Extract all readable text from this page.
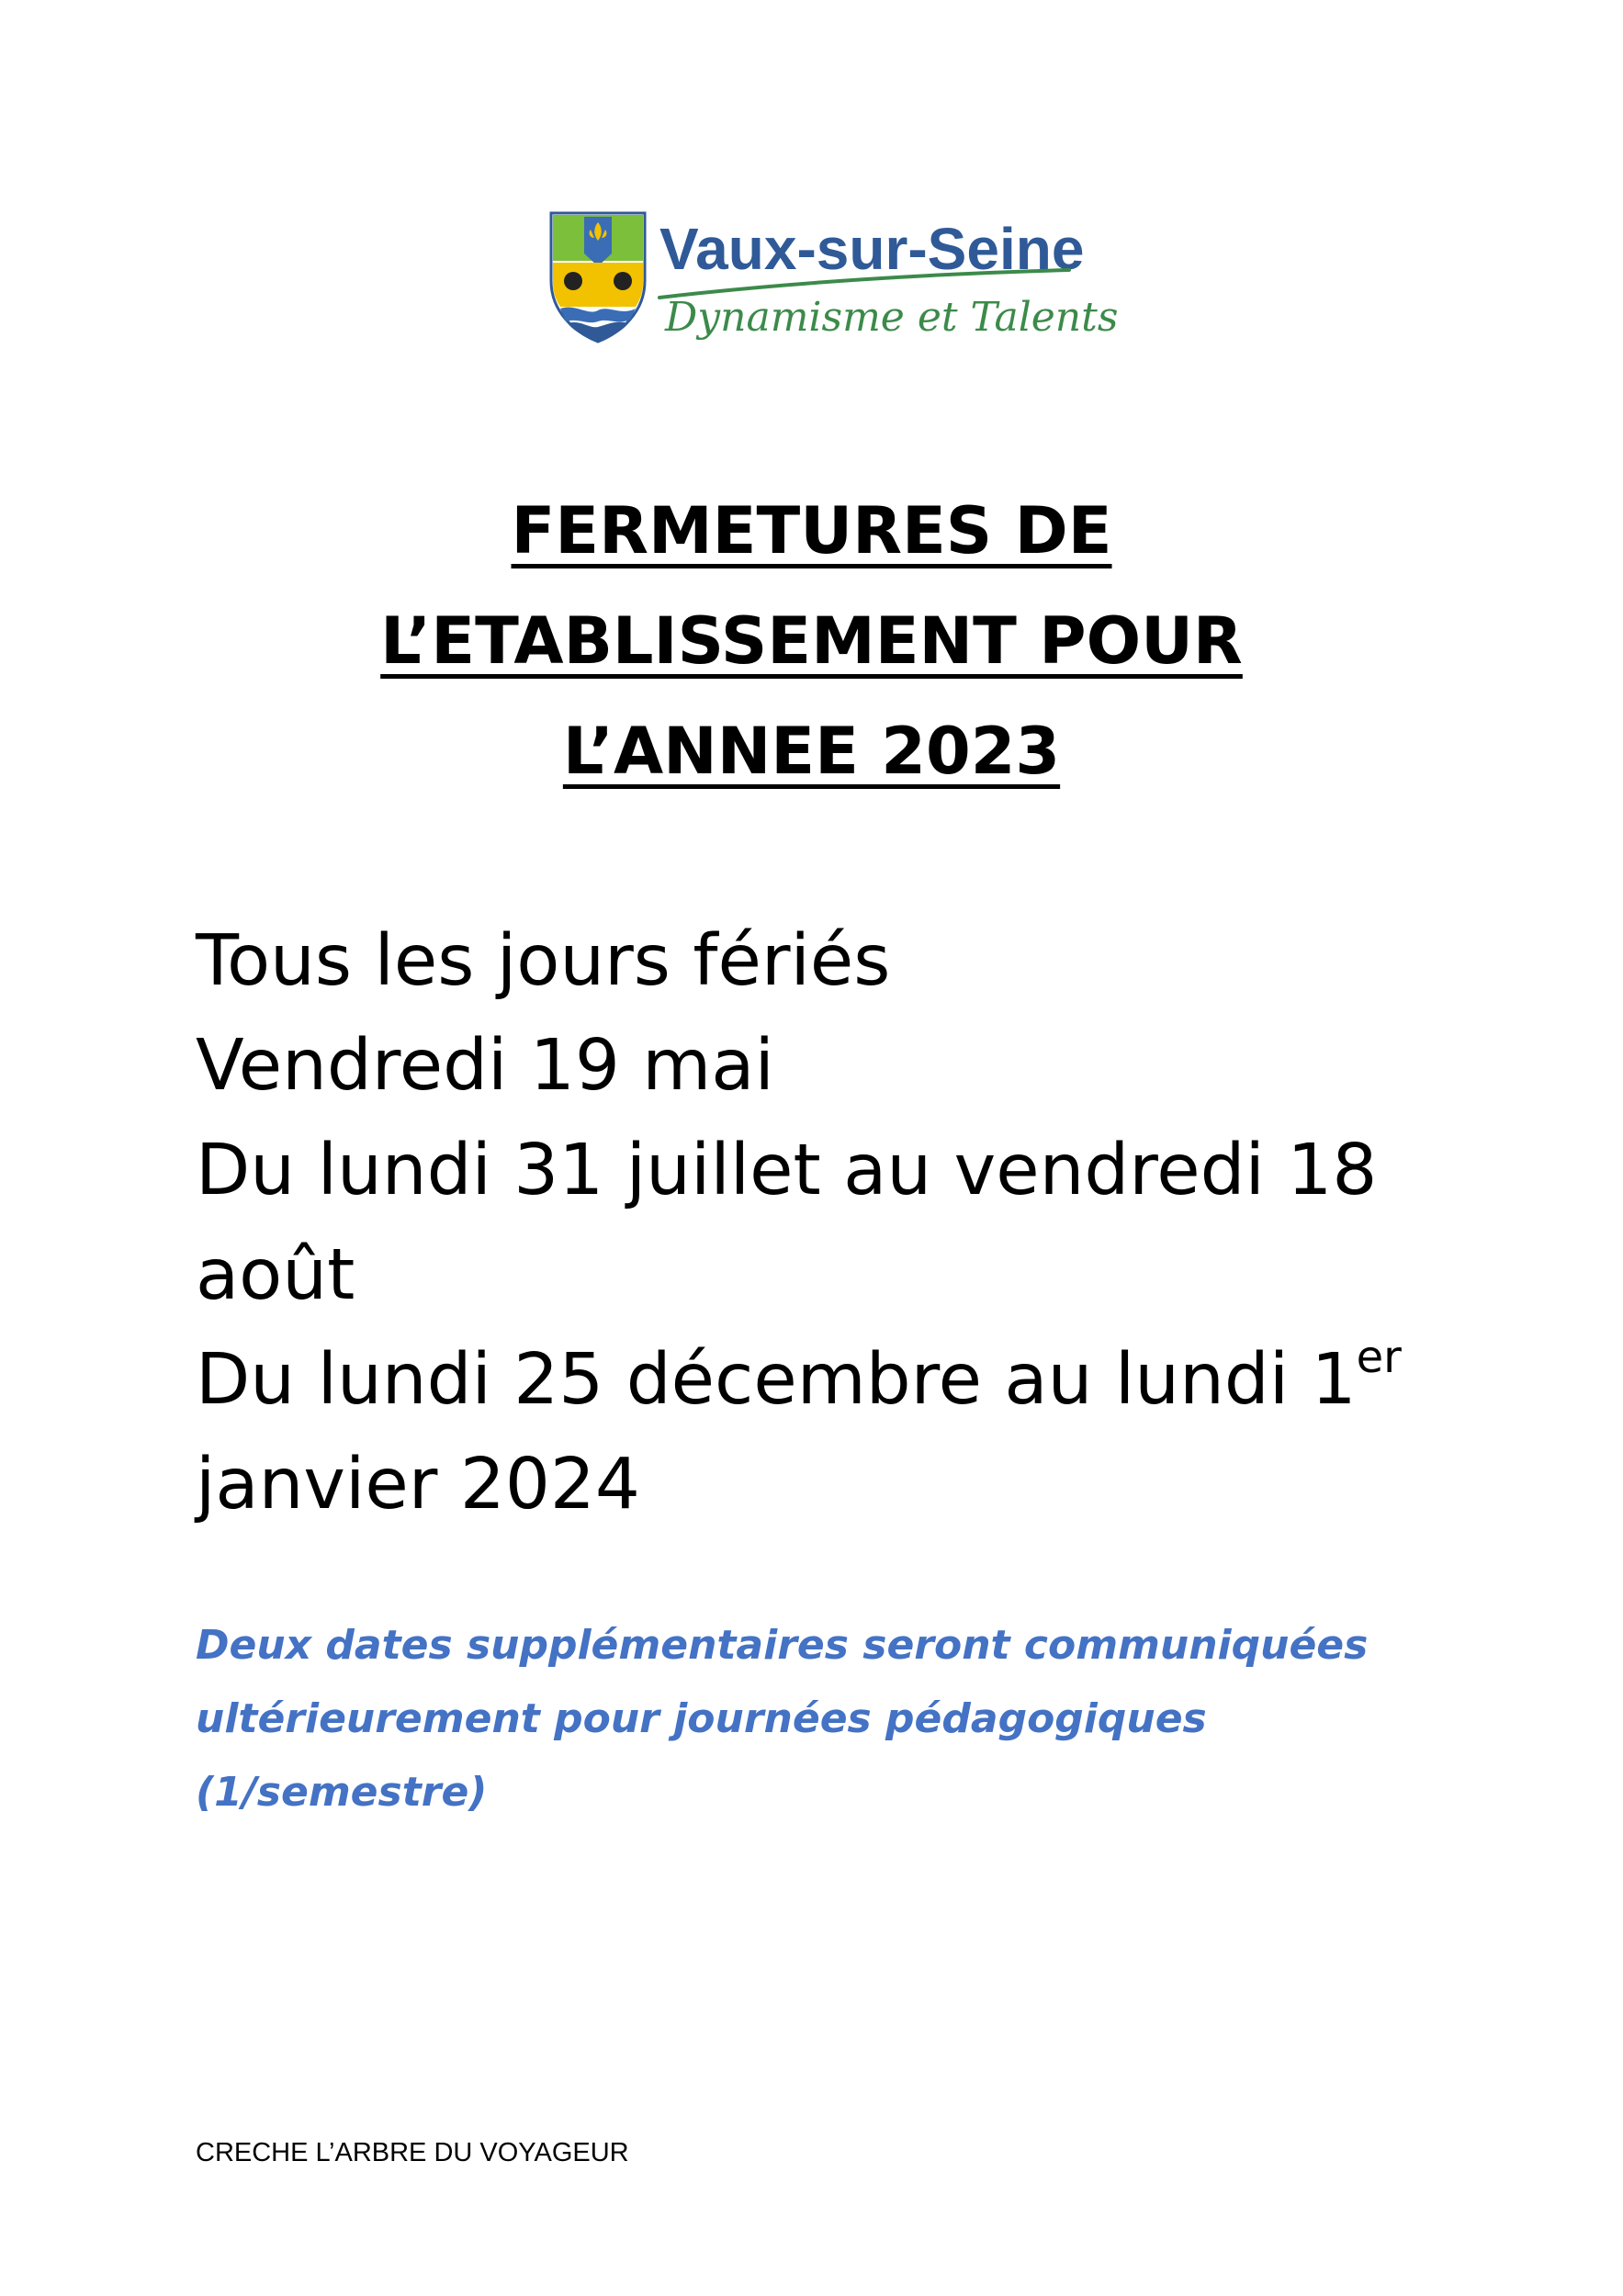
Vaux-sur-Seine
Dynamisme et Talents
FERMETURES DE
L’ETABLISSEMENT POUR
L’ANNEE 2023
Tous les jours fériés
Vendredi 19 mai
Du lundi 31 juillet au vendredi 18
août
Du lundi 25 décembre au lundi 1er
janvier 2024

Deux dates supplémentaires seront communiquées
ultérieurement pour journées pédagogiques (1/semestre)

CRECHE L’ARBRE DU VOYAGEUR
